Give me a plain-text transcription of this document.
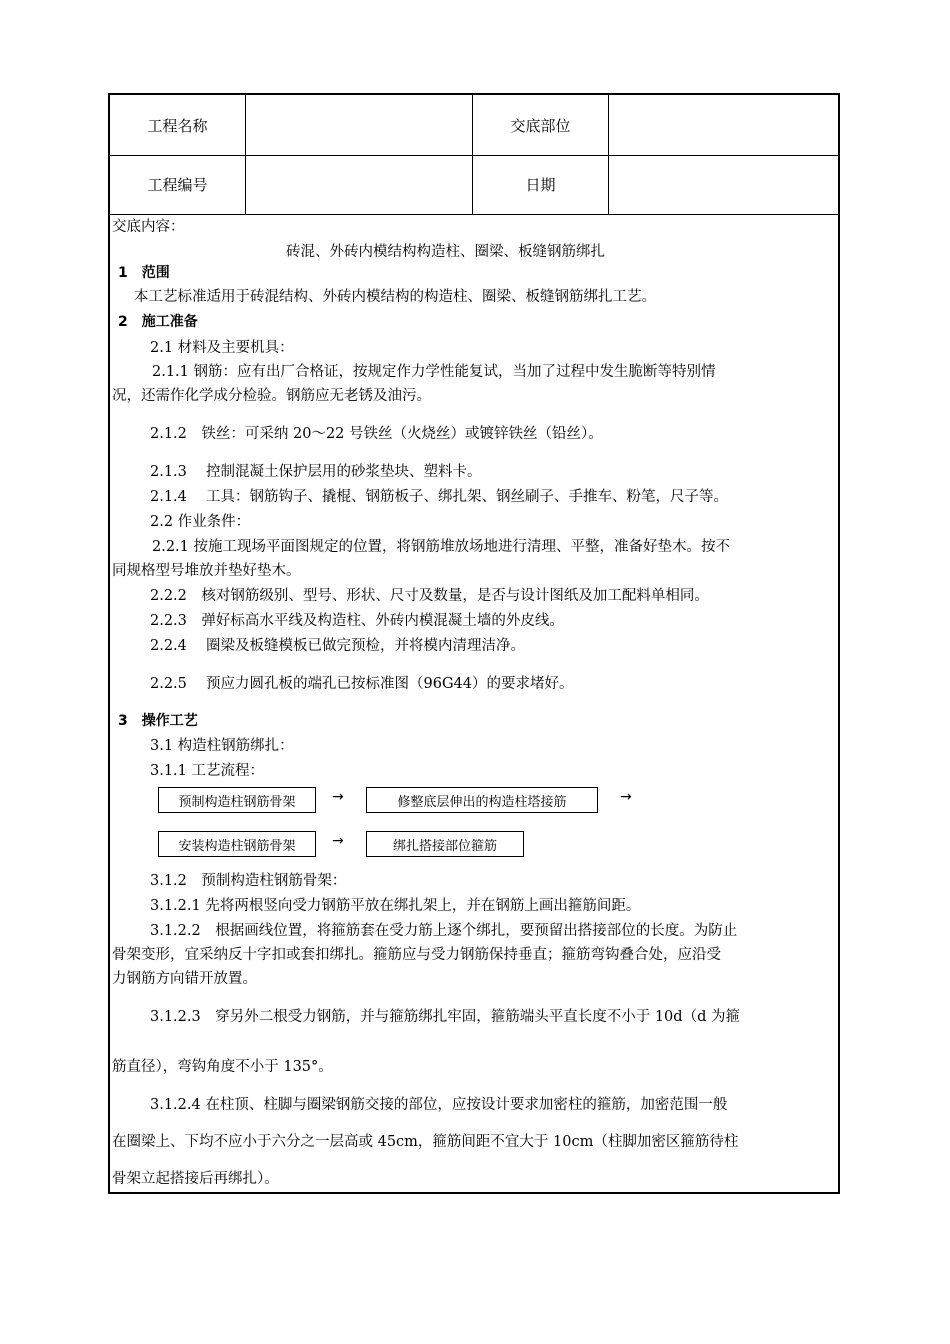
工程名称	交底部位
工程编号	日期
交底内容：
砖混、外砖内模结构构造柱、圈梁、板缝钢筋绑扎
1　范围
本工艺标准适用于砖混结构、外砖内模结构的构造柱、圈梁、板缝钢筋绑扎工艺。
2　施工准备
2.1 材料及主要机具：
2.1.1 钢筋：应有出厂合格证，按规定作力学性能复试，当加了过程中发生脆断等特别情
况，还需作化学成分检验。钢筋应无老锈及油污。
2.1.2　铁丝：可采纳 20～22 号铁丝（火烧丝）或镀锌铁丝（铅丝）。
2.1.3　 控制混凝土保护层用的砂浆垫块、塑料卡。
2.1.4　 工具：钢筋钩子、撬棍、钢筋板子、绑扎架、钢丝刷子、手推车、粉笔，尺子等。
2.2 作业条件：
2.2.1 按施工现场平面图规定的位置，将钢筋堆放场地进行清理、平整，准备好垫木。按不
同规格型号堆放并垫好垫木。
2.2.2　核对钢筋级别、型号、形状、尺寸及数量，是否与设计图纸及加工配料单相同。
2.2.3　弹好标高水平线及构造柱、外砖内模混凝土墙的外皮线。
2.2.4　 圈梁及板缝模板已做完预检，并将模内清理洁净。
2.2.5　 预应力圆孔板的端孔已按标准图（96G44）的要求堵好。
3　操作工艺
3.1 构造柱钢筋绑扎：
3.1.1 工艺流程：
预制构造柱钢筋骨架	→	修整底层伸出的构造柱塔接筋	→
安装构造柱钢筋骨架	→	绑扎搭接部位箍筋
3.1.2　预制构造柱钢筋骨架：
3.1.2.1 先将两根竖向受力钢筋平放在绑扎架上，并在钢筋上画出箍筋间距。
3.1.2.2　根据画线位置，将箍筋套在受力筋上逐个绑扎，要预留出搭接部位的长度。为防止
骨架变形，宜采纳反十字扣或套扣绑扎。箍筋应与受力钢筋保持垂直；箍筋弯钩叠合处，应沿受
力钢筋方向错开放置。
3.1.2.3　穿另外二根受力钢筋，并与箍筋绑扎牢固，箍筋端头平直长度不小于 10d（d 为箍
筋直径），弯钩角度不小于 135°。
3.1.2.4 在柱顶、柱脚与圈梁钢筋交接的部位，应按设计要求加密柱的箍筋，加密范围一般
在圈梁上、下均不应小于六分之一层高或 45cm，箍筋间距不宜大于 10cm（柱脚加密区箍筋待柱
骨架立起搭接后再绑扎）。
